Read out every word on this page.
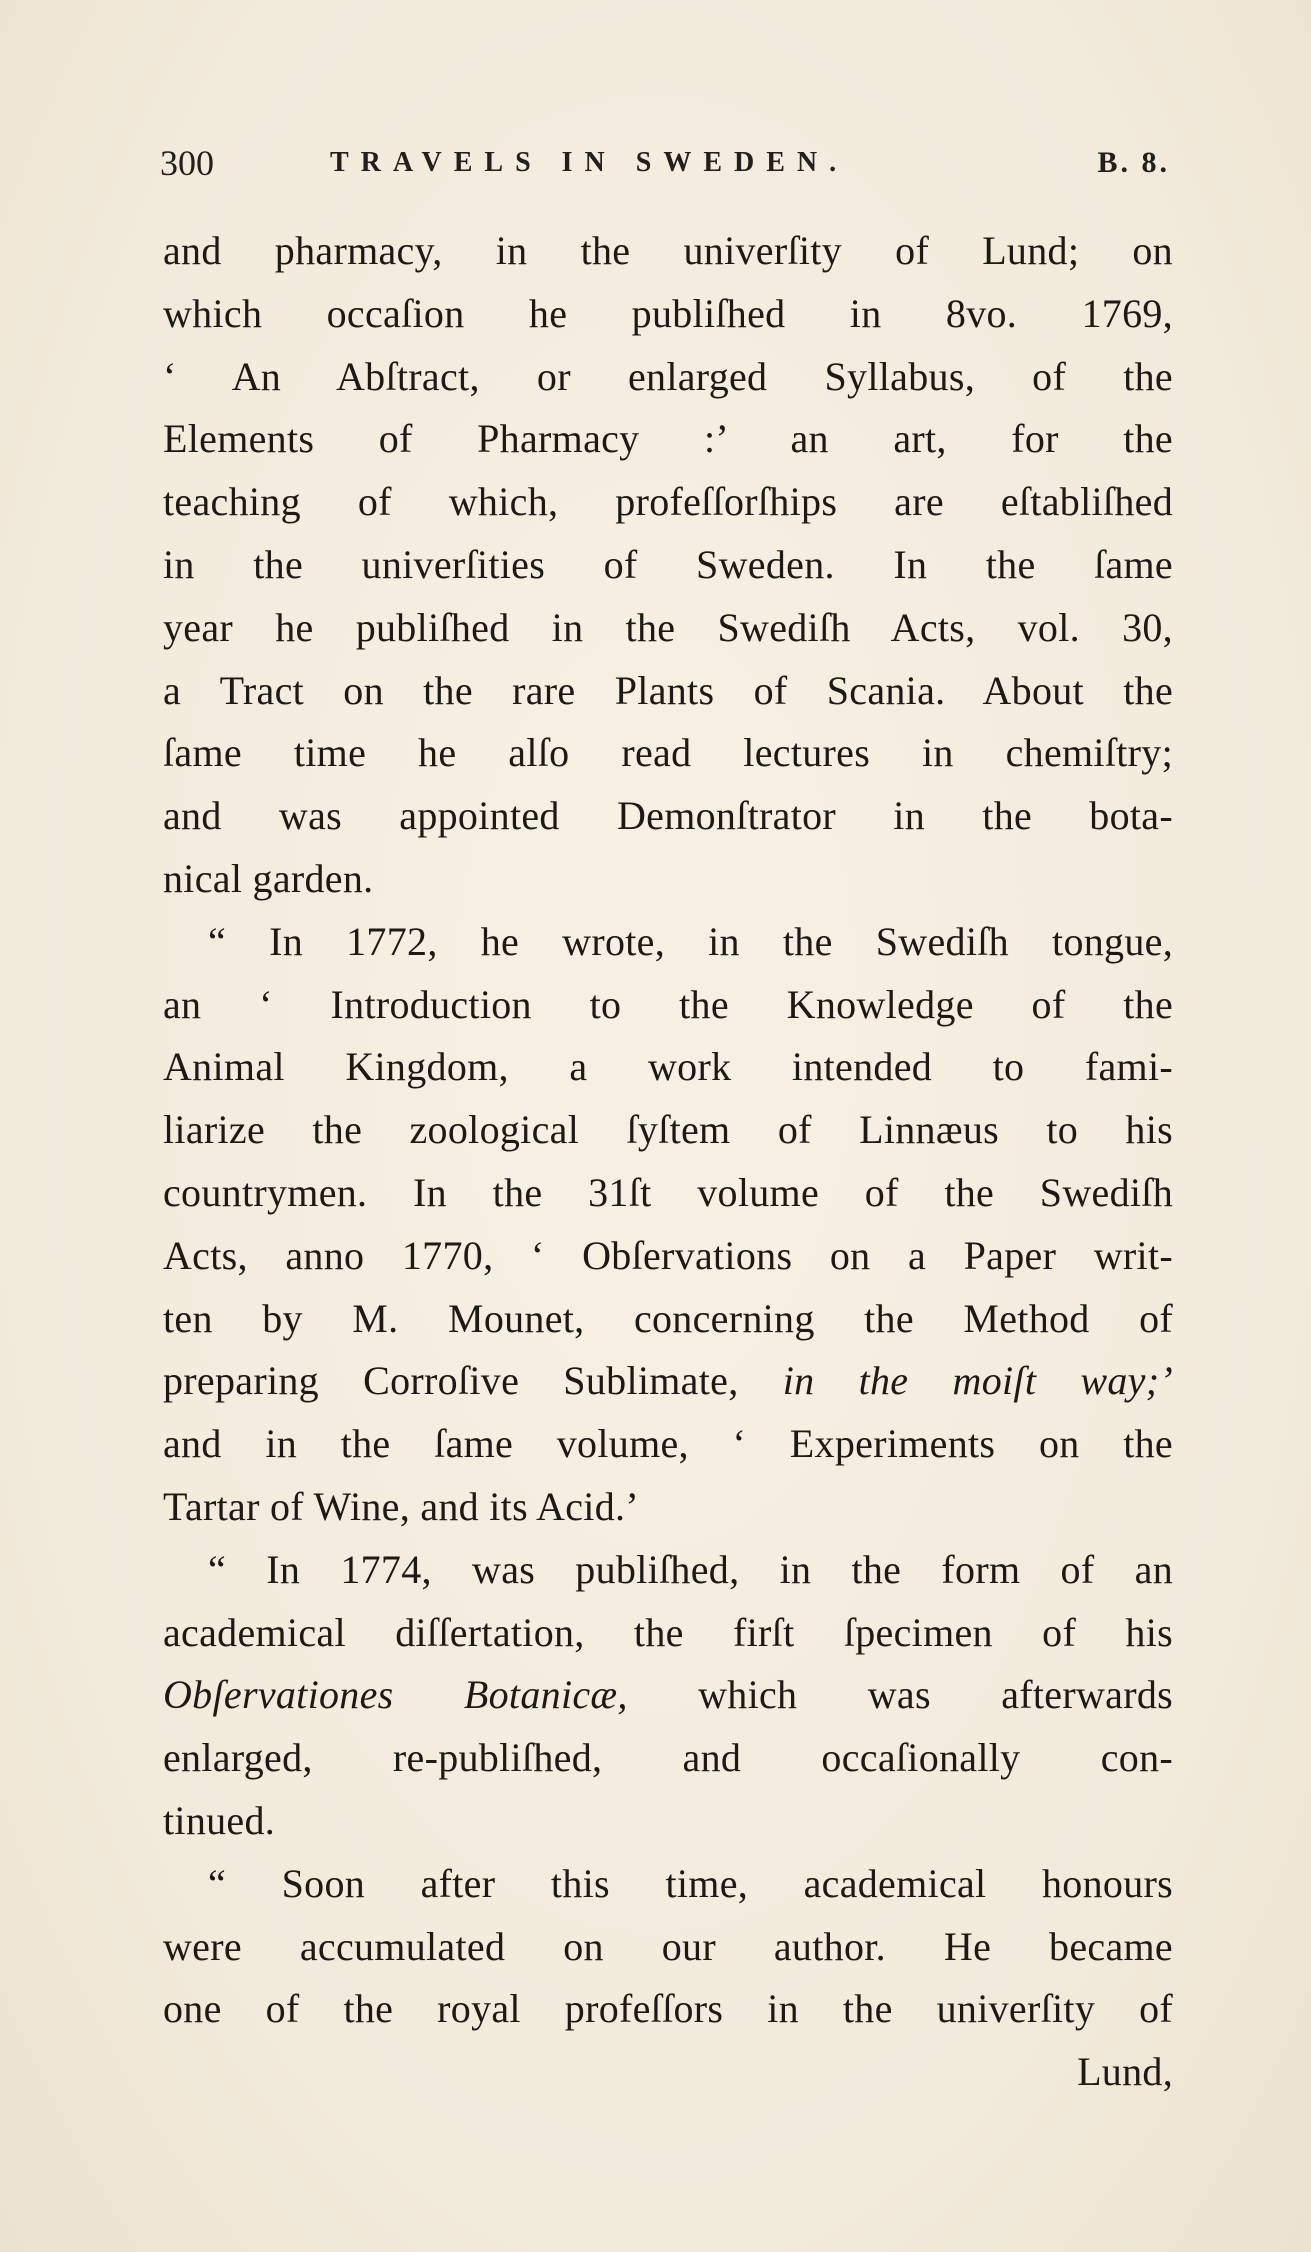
300	TRAVELS IN SWEDEN.	B. 8.
and pharmacy, in the univerſity of Lund; on
which occaſion he publiſhed in 8vo. 1769,
‘ An Abſtract, or enlarged Syllabus, of the
Elements of Pharmacy :’ an art, for the
teaching of which, profeſſorſhips are eſtabliſhed
in the univerſities of Sweden. In the ſame
year he publiſhed in the Swediſh Acts, vol. 30,
a Tract on the rare Plants of Scania. About the
ſame time he alſo read lectures in chemiſtry;
and was appointed Demonſtrator in the bota-
nical garden.
“ In 1772, he wrote, in the Swediſh tongue,
an ‘ Introduction to the Knowledge of the
Animal Kingdom, a work intended to fami-
liarize the zoological ſyſtem of Linnæus to his
countrymen. In the 31ſt volume of the Swediſh
Acts, anno 1770, ‘ Obſervations on a Paper writ-
ten by M. Mounet, concerning the Method of
preparing Corroſive Sublimate, in the moiſt way;’
and in the ſame volume, ‘ Experiments on the
Tartar of Wine, and its Acid.’
“ In 1774, was publiſhed, in the form of an
academical diſſertation, the firſt ſpecimen of his
Obſervationes Botanicæ, which was afterwards
enlarged, re-publiſhed, and occaſionally con-
tinued.
“ Soon after this time, academical honours
were accumulated on our author. He became
one of the royal profeſſors in the univerſity of
Lund,
